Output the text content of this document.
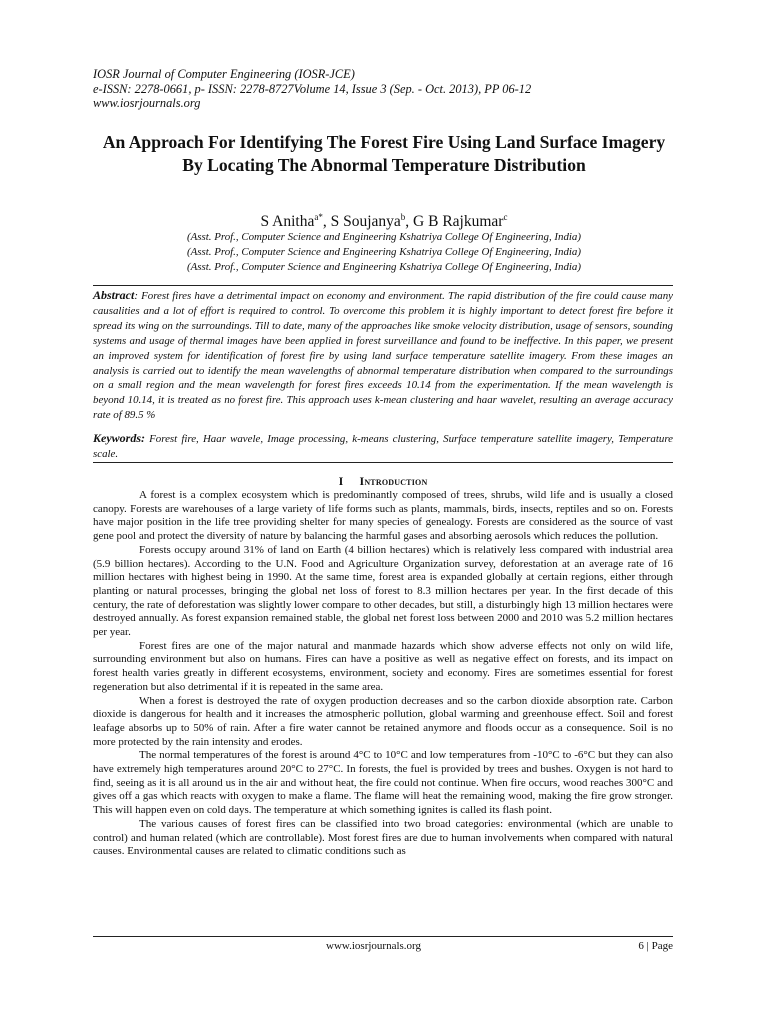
IOSR Journal of Computer Engineering (IOSR-JCE)
e-ISSN: 2278-0661, p- ISSN: 2278-8727Volume 14, Issue 3 (Sep. - Oct. 2013), PP 06-12
www.iosrjournals.org
An Approach For Identifying The Forest Fire Using Land Surface Imagery By Locating The Abnormal Temperature Distribution
S Anitha$^{a*}$, S Soujanya$^b$, G B Rajkumar$^c$
(Asst. Prof., Computer Science and Engineering Kshatriya College Of Engineering, India)
(Asst. Prof., Computer Science and Engineering Kshatriya College Of Engineering, India)
(Asst. Prof., Computer Science and Engineering Kshatriya College Of Engineering, India)
Abstract: Forest fires have a detrimental impact on economy and environment. The rapid distribution of the fire could cause many causalities and a lot of effort is required to control. To overcome this problem it is highly important to detect forest fire before it spread its wing on the surroundings. Till to date, many of the approaches like smoke velocity distribution, usage of sensors, sounding systems and usage of thermal images have been applied in forest surveillance and found to be ineffective. In this paper, we present an improved system for identification of forest fire by using land surface temperature satellite imagery. From these images an analysis is carried out to identify the mean wavelengths of abnormal temperature distribution when compared to the surroundings on a small region and the mean wavelength for forest fires exceeds 10.14 from the experimentation. If the mean wavelength is beyond 10.14, it is treated as no forest fire. This approach uses k-mean clustering and haar wavelet, resulting an average accuracy rate of 89.5 %
Keywords: Forest fire, Haar wavele, Image processing, k-means clustering, Surface temperature satellite imagery, Temperature scale.
I Introduction

A forest is a complex ecosystem which is predominantly composed of trees, shrubs, wild life and is usually a closed canopy. Forests are warehouses of a large variety of life forms such as plants, mammals, birds, insects, reptiles and so on. Forests have major position in the life tree providing shelter for many species of genealogy. Forests are considered as the source of vast gene pool and protect the diversity of nature by balancing the harmful gases and absorbing aerosols which reduces the pollution.

Forests occupy around 31% of land on Earth (4 billion hectares) which is relatively less compared with industrial area (5.9 billion hectares). According to the U.N. Food and Agriculture Organization survey, deforestation at an average rate of 16 million hectares with highest being in 1990. At the same time, forest area is expanded globally at certain regions, either through planting or natural processes, bringing the global net loss of forest to 8.3 million hectares per year. In the first decade of this century, the rate of deforestation was slightly lower compare to other decades, but still, a disturbingly high 13 million hectares were destroyed annually. As forest expansion remained stable, the global net forest loss between 2000 and 2010 was 5.2 million hectares per year.

Forest fires are one of the major natural and manmade hazards which show adverse effects not only on wild life, surrounding environment but also on humans. Fires can have a positive as well as negative effect on forests, and its impact on forest health varies greatly in different ecosystems, environment, society and economy. Fires are sometimes essential for forest regeneration but also detrimental if it is repeated in the same area.

When a forest is destroyed the rate of oxygen production decreases and so the carbon dioxide absorption rate. Carbon dioxide is dangerous for health and it increases the atmospheric pollution, global warming and greenhouse effect. Soil and forest leafage absorbs up to 50% of rain. After a fire water cannot be retained anymore and floods occur as a consequence. Soil is no more protected by the rain intensity and erodes.

The normal temperatures of the forest is around 4°C to 10°C and low temperatures from -10°C to -6°C but they can also have extremely high temperatures around 20°C to 27°C. In forests, the fuel is provided by trees and bushes. Oxygen is not hard to find, seeing as it is all around us in the air and without heat, the fire could not continue. When fire occurs, wood reaches 300°C and gives off a gas which reacts with oxygen to make a flame. The flame will heat the remaining wood, making the fire grow stronger. This will happen even on cold days. The temperature at which something ignites is called its flash point.

The various causes of forest fires can be classified into two broad categories: environmental (which are unable to control) and human related (which are controllable). Most forest fires are due to human involvements when compared with natural causes. Environmental causes are related to climatic conditions such as

www.iosrjournals.org	6 | Page
